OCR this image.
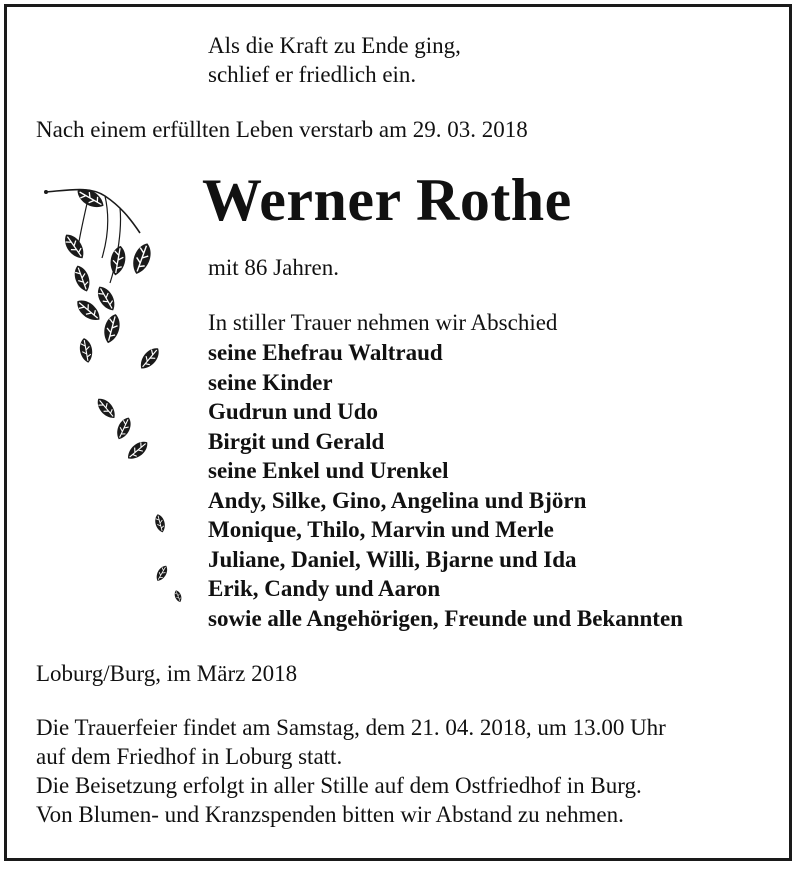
Als die Kraft zu Ende ging,
schlief er friedlich ein.
Nach einem erfüllten Leben verstarb am 29. 03. 2018
Werner Rothe
mit 86 Jahren.
In stiller Trauer nehmen wir Abschied
seine Ehefrau Waltraud
seine Kinder
Gudrun und Udo
Birgit und Gerald
seine Enkel und Urenkel
Andy, Silke, Gino, Angelina und Björn
Monique, Thilo, Marvin und Merle
Juliane, Daniel, Willi, Bjarne und Ida
Erik, Candy und Aaron
sowie alle Angehörigen, Freunde und Bekannten
Loburg/Burg, im März 2018
Die Trauerfeier findet am Samstag, dem 21. 04. 2018, um 13.00 Uhr
auf dem Friedhof in Loburg statt.
Die Beisetzung erfolgt in aller Stille auf dem Ostfriedhof in Burg.
Von Blumen- und Kranzspenden bitten wir Abstand zu nehmen.
